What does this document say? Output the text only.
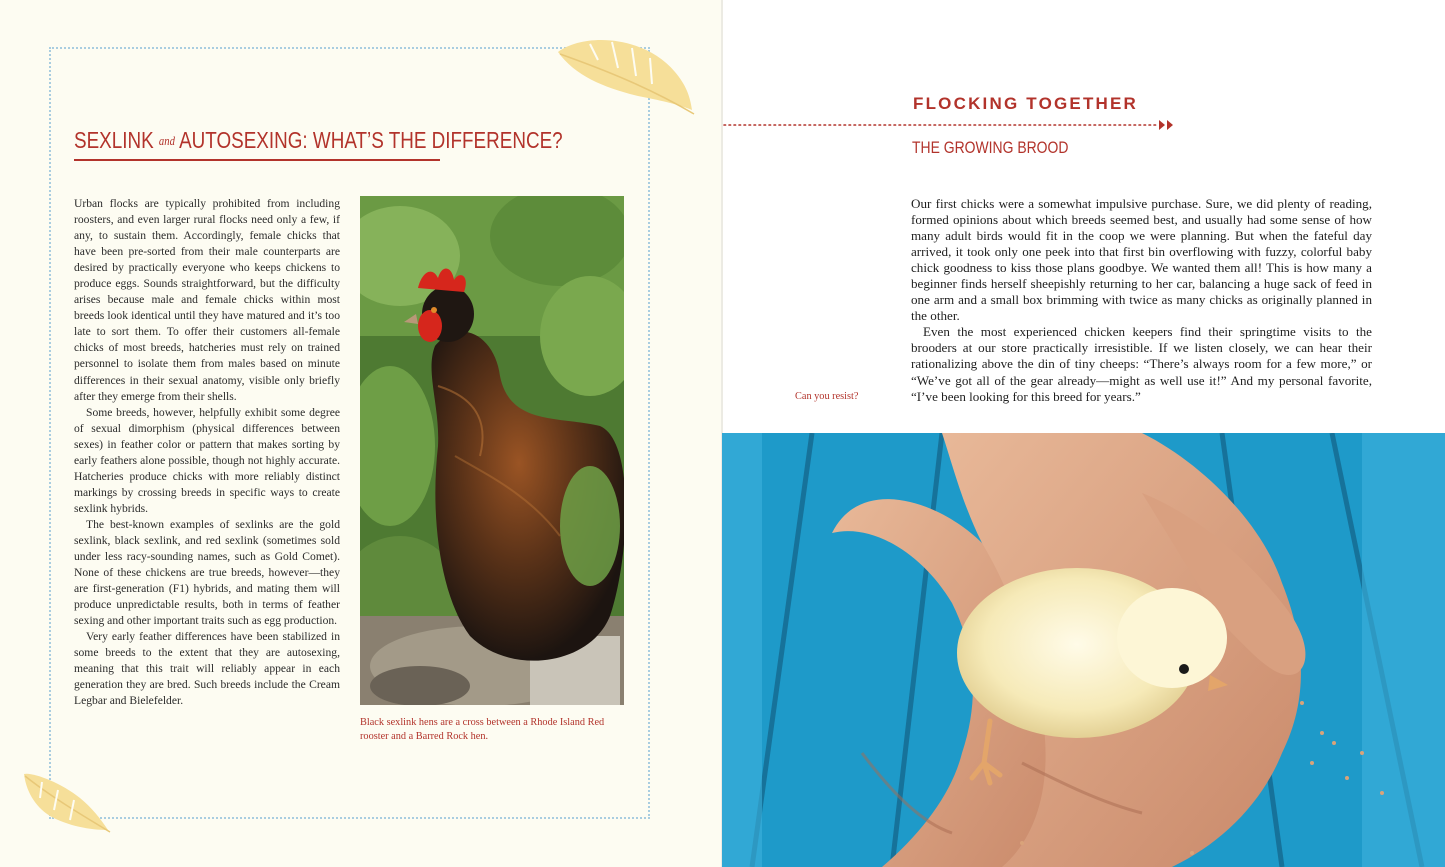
SEXLINK and AUTOSEXING: WHAT’S THE DIFFERENCE?

Urban flocks are typically prohibited from including roosters, and even larger rural flocks need only a few, if any, to sustain them. Accordingly, female chicks that have been pre-sorted from their male counterparts are desired by practically everyone who keeps chickens to produce eggs. Sounds straightforward, but the difficulty arises because male and female chicks within most breeds look identical until they have matured and it’s too late to sort them. To offer their customers all-female chicks of most breeds, hatcheries must rely on trained personnel to isolate them from males based on minute differences in their sexual anatomy, visible only briefly after they emerge from their shells.

Some breeds, however, helpfully exhibit some degree of sexual dimorphism (physical differences between sexes) in feather color or pattern that makes sorting by early feathers alone possible, though not highly accurate. Hatcheries produce chicks with more reliably distinct markings by crossing breeds in specific ways to create sexlink hybrids.

The best-known examples of sexlinks are the gold sexlink, black sexlink, and red sexlink (sometimes sold under less racy-sounding names, such as Gold Comet). None of these chickens are true breeds, however—they are first-generation (F1) hybrids, and mating them will produce unpredictable results, both in terms of feather sexing and other important traits such as egg production.

Very early feather differences have been stabilized in some breeds to the extent that they are autosexing, meaning that this trait will reliably appear in each generation they are bred. Such breeds include the Cream Legbar and Bielefelder.

Black sexlink hens are a cross between a Rhode Island Red rooster and a Barred Rock hen.
FLOCKING TOGETHER
THE GROWING BROOD

Our first chicks were a somewhat impulsive purchase. Sure, we did plenty of reading, formed opinions about which breeds seemed best, and usually had some sense of how many adult birds would fit in the coop we were planning. But when the fateful day arrived, it took only one peek into that first bin overflowing with fuzzy, colorful baby chick goodness to kiss those plans goodbye. We wanted them all! This is how many a beginner finds herself sheepishly returning to her car, balancing a huge sack of feed in one arm and a small box brimming with twice as many chicks as originally planned in the other.

Even the most experienced chicken keepers find their springtime visits to the brooders at our store practically irresistible. If we listen closely, we can hear their rationalizing above the din of tiny cheeps: “There’s always room for a few more,” or “We’ve got all of the gear already—might as well use it!” And my personal favorite, “I’ve been looking for this breed for years.”

Can you resist?
